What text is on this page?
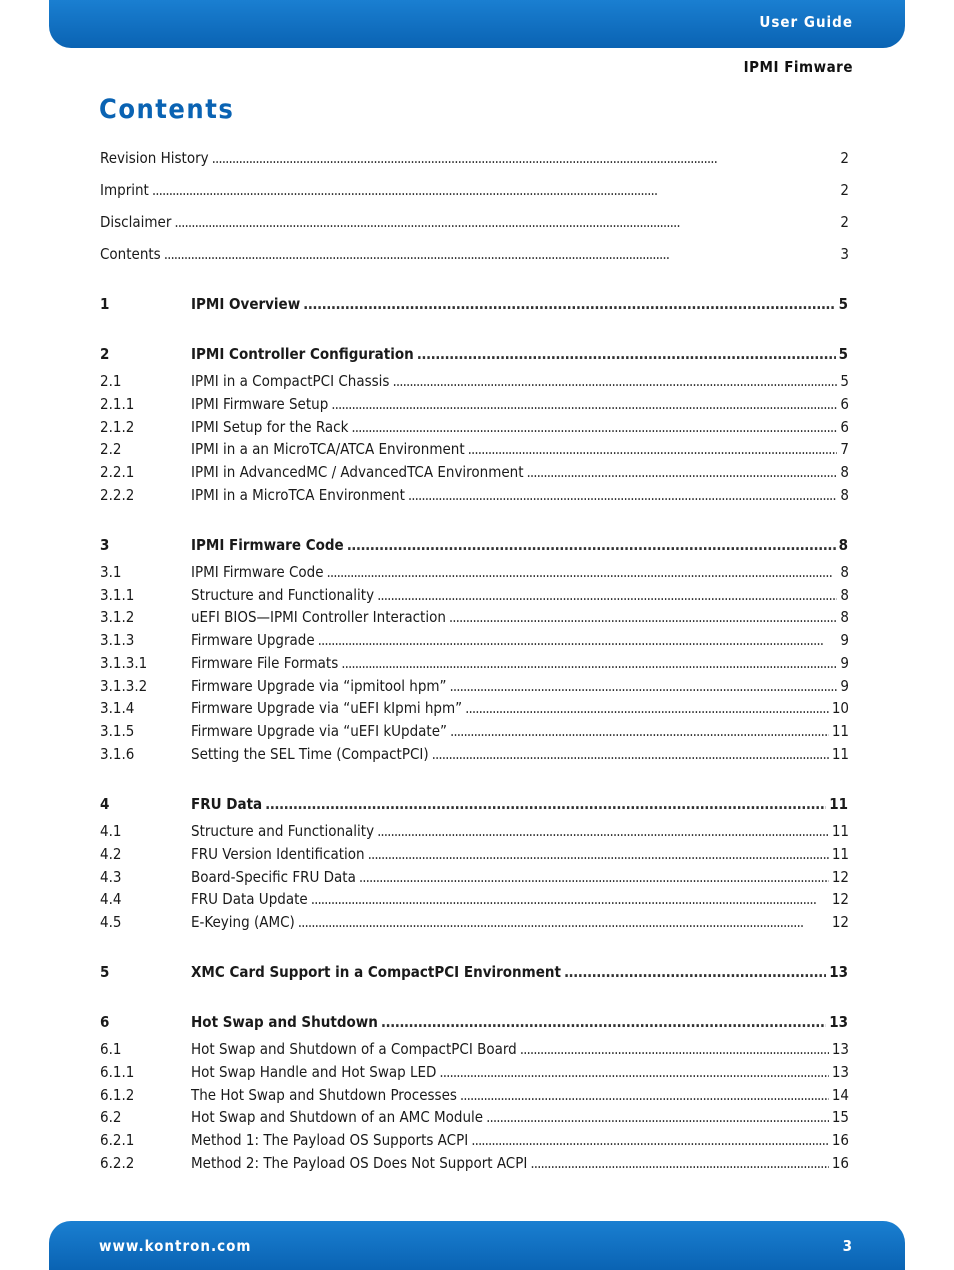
User Guide
IPMI Fimware
Contents
Revision History . . .	2
Imprint . . .	2
Disclaimer . . .	2
Contents . . .	3
1	IPMI Overview . . .	5
2	IPMI Controller Configuration . . .	5
2.1	IPMI in a CompactPCI Chassis . . .	5
2.1.1	IPMI Firmware Setup . . .	6
2.1.2	IPMI Setup for the Rack . . .	6
2.2	IPMI in a an MicroTCA/ATCA Environment . . .	7
2.2.1	IPMI in AdvancedMC / AdvancedTCA Environment . . .	8
2.2.2	IPMI in a MicroTCA Environment . . .	8
3	IPMI Firmware Code . . .	8
3.1	IPMI Firmware Code . . .	8
3.1.1	Structure and Functionality . . .	8
3.1.2	uEFI BIOS—IPMI Controller Interaction . . .	8
3.1.3	Firmware Upgrade . . .	9
3.1.3.1	Firmware File Formats . . .	9
3.1.3.2	Firmware Upgrade via “ipmitool hpm” . . .	9
3.1.4	Firmware Upgrade via “uEFI kIpmi hpm” . . .	10
3.1.5	Firmware Upgrade via “uEFI kUpdate” . . .	11
3.1.6	Setting the SEL Time (CompactPCI) . . .	11
4	FRU Data . . .	11
4.1	Structure and Functionality . . .	11
4.2	FRU Version Identification . . .	11
4.3	Board-Specific FRU Data . . .	12
4.4	FRU Data Update . . .	12
4.5	E-Keying (AMC) . . .	12
5	XMC Card Support in a CompactPCI Environment . . .	13
6	Hot Swap and Shutdown . . .	13
6.1	Hot Swap and Shutdown of a CompactPCI Board . . .	13
6.1.1	Hot Swap Handle and Hot Swap LED . . .	13
6.1.2	The Hot Swap and Shutdown Processes . . .	14
6.2	Hot Swap and Shutdown of an AMC Module . . .	15
6.2.1	Method 1: The Payload OS Supports ACPI . . .	16
6.2.2	Method 2: The Payload OS Does Not Support ACPI . . .	16
www.kontron.com	3
